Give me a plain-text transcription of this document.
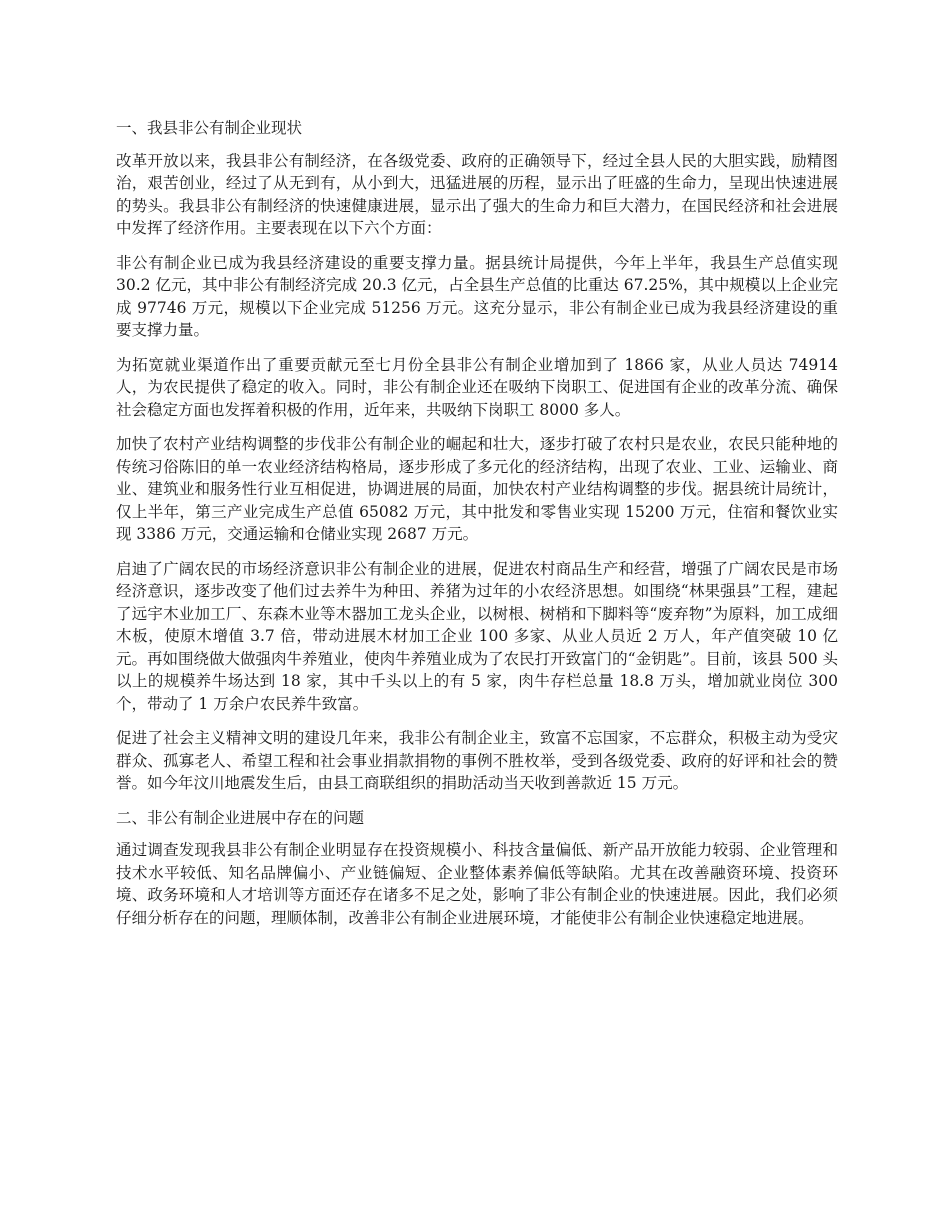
一、我县非公有制企业现状

改革开放以来，我县非公有制经济，在各级党委、政府的正确领导下，经过全县人民的大胆实践，励精图治，艰苦创业，经过了从无到有，从小到大，迅猛进展的历程，显示出了旺盛的生命力，呈现出快速进展的势头。我县非公有制经济的快速健康进展，显示出了强大的生命力和巨大潜力，在国民经济和社会进展中发挥了经济作用。主要表现在以下六个方面：

非公有制企业已成为我县经济建设的重要支撑力量。据县统计局提供，今年上半年，我县生产总值实现 30.2 亿元，其中非公有制经济完成 20.3 亿元，占全县生产总值的比重达 67.25%，其中规模以上企业完成 97746 万元，规模以下企业完成 51256 万元。这充分显示，非公有制企业已成为我县经济建设的重要支撑力量。

为拓宽就业渠道作出了重要贡献元至七月份全县非公有制企业增加到了 1866 家，从业人员达 74914 人，为农民提供了稳定的收入。同时，非公有制企业还在吸纳下岗职工、促进国有企业的改革分流、确保社会稳定方面也发挥着积极的作用，近年来，共吸纳下岗职工 8000 多人。

加快了农村产业结构调整的步伐非公有制企业的崛起和壮大，逐步打破了农村只是农业，农民只能种地的传统习俗陈旧的单一农业经济结构格局，逐步形成了多元化的经济结构，出现了农业、工业、运输业、商业、建筑业和服务性行业互相促进，协调进展的局面，加快农村产业结构调整的步伐。据县统计局统计，仅上半年，第三产业完成生产总值 65082 万元，其中批发和零售业实现 15200 万元，住宿和餐饮业实现 3386 万元，交通运输和仓储业实现 2687 万元。

启迪了广阔农民的市场经济意识非公有制企业的进展，促进农村商品生产和经营，增强了广阔农民是市场经济意识，逐步改变了他们过去养牛为种田、养猪为过年的小农经济思想。如围绕“林果强县”工程，建起了远宇木业加工厂、东森木业等木器加工龙头企业，以树根、树梢和下脚料等“废弃物”为原料，加工成细木板，使原木增值 3.7 倍，带动进展木材加工企业 100 多家、从业人员近 2 万人，年产值突破 10 亿元。再如围绕做大做强肉牛养殖业，使肉牛养殖业成为了农民打开致富门的“金钥匙”。目前，该县 500 头以上的规模养牛场达到 18 家，其中千头以上的有 5 家，肉牛存栏总量 18.8 万头，增加就业岗位 300 个，带动了 1 万余户农民养牛致富。

促进了社会主义精神文明的建设几年来，我非公有制企业主，致富不忘国家，不忘群众，积极主动为受灾群众、孤寡老人、希望工程和社会事业捐款捐物的事例不胜枚举，受到各级党委、政府的好评和社会的赞誉。如今年汶川地震发生后，由县工商联组织的捐助活动当天收到善款近 15 万元。

二、非公有制企业进展中存在的问题

通过调查发现我县非公有制企业明显存在投资规模小、科技含量偏低、新产品开放能力较弱、企业管理和技术水平较低、知名品牌偏小、产业链偏短、企业整体素养偏低等缺陷。尤其在改善融资环境、投资环境、政务环境和人才培训等方面还存在诸多不足之处，影响了非公有制企业的快速进展。因此，我们必须仔细分析存在的问题，理顺体制，改善非公有制企业进展环境，才能使非公有制企业快速稳定地进展。
